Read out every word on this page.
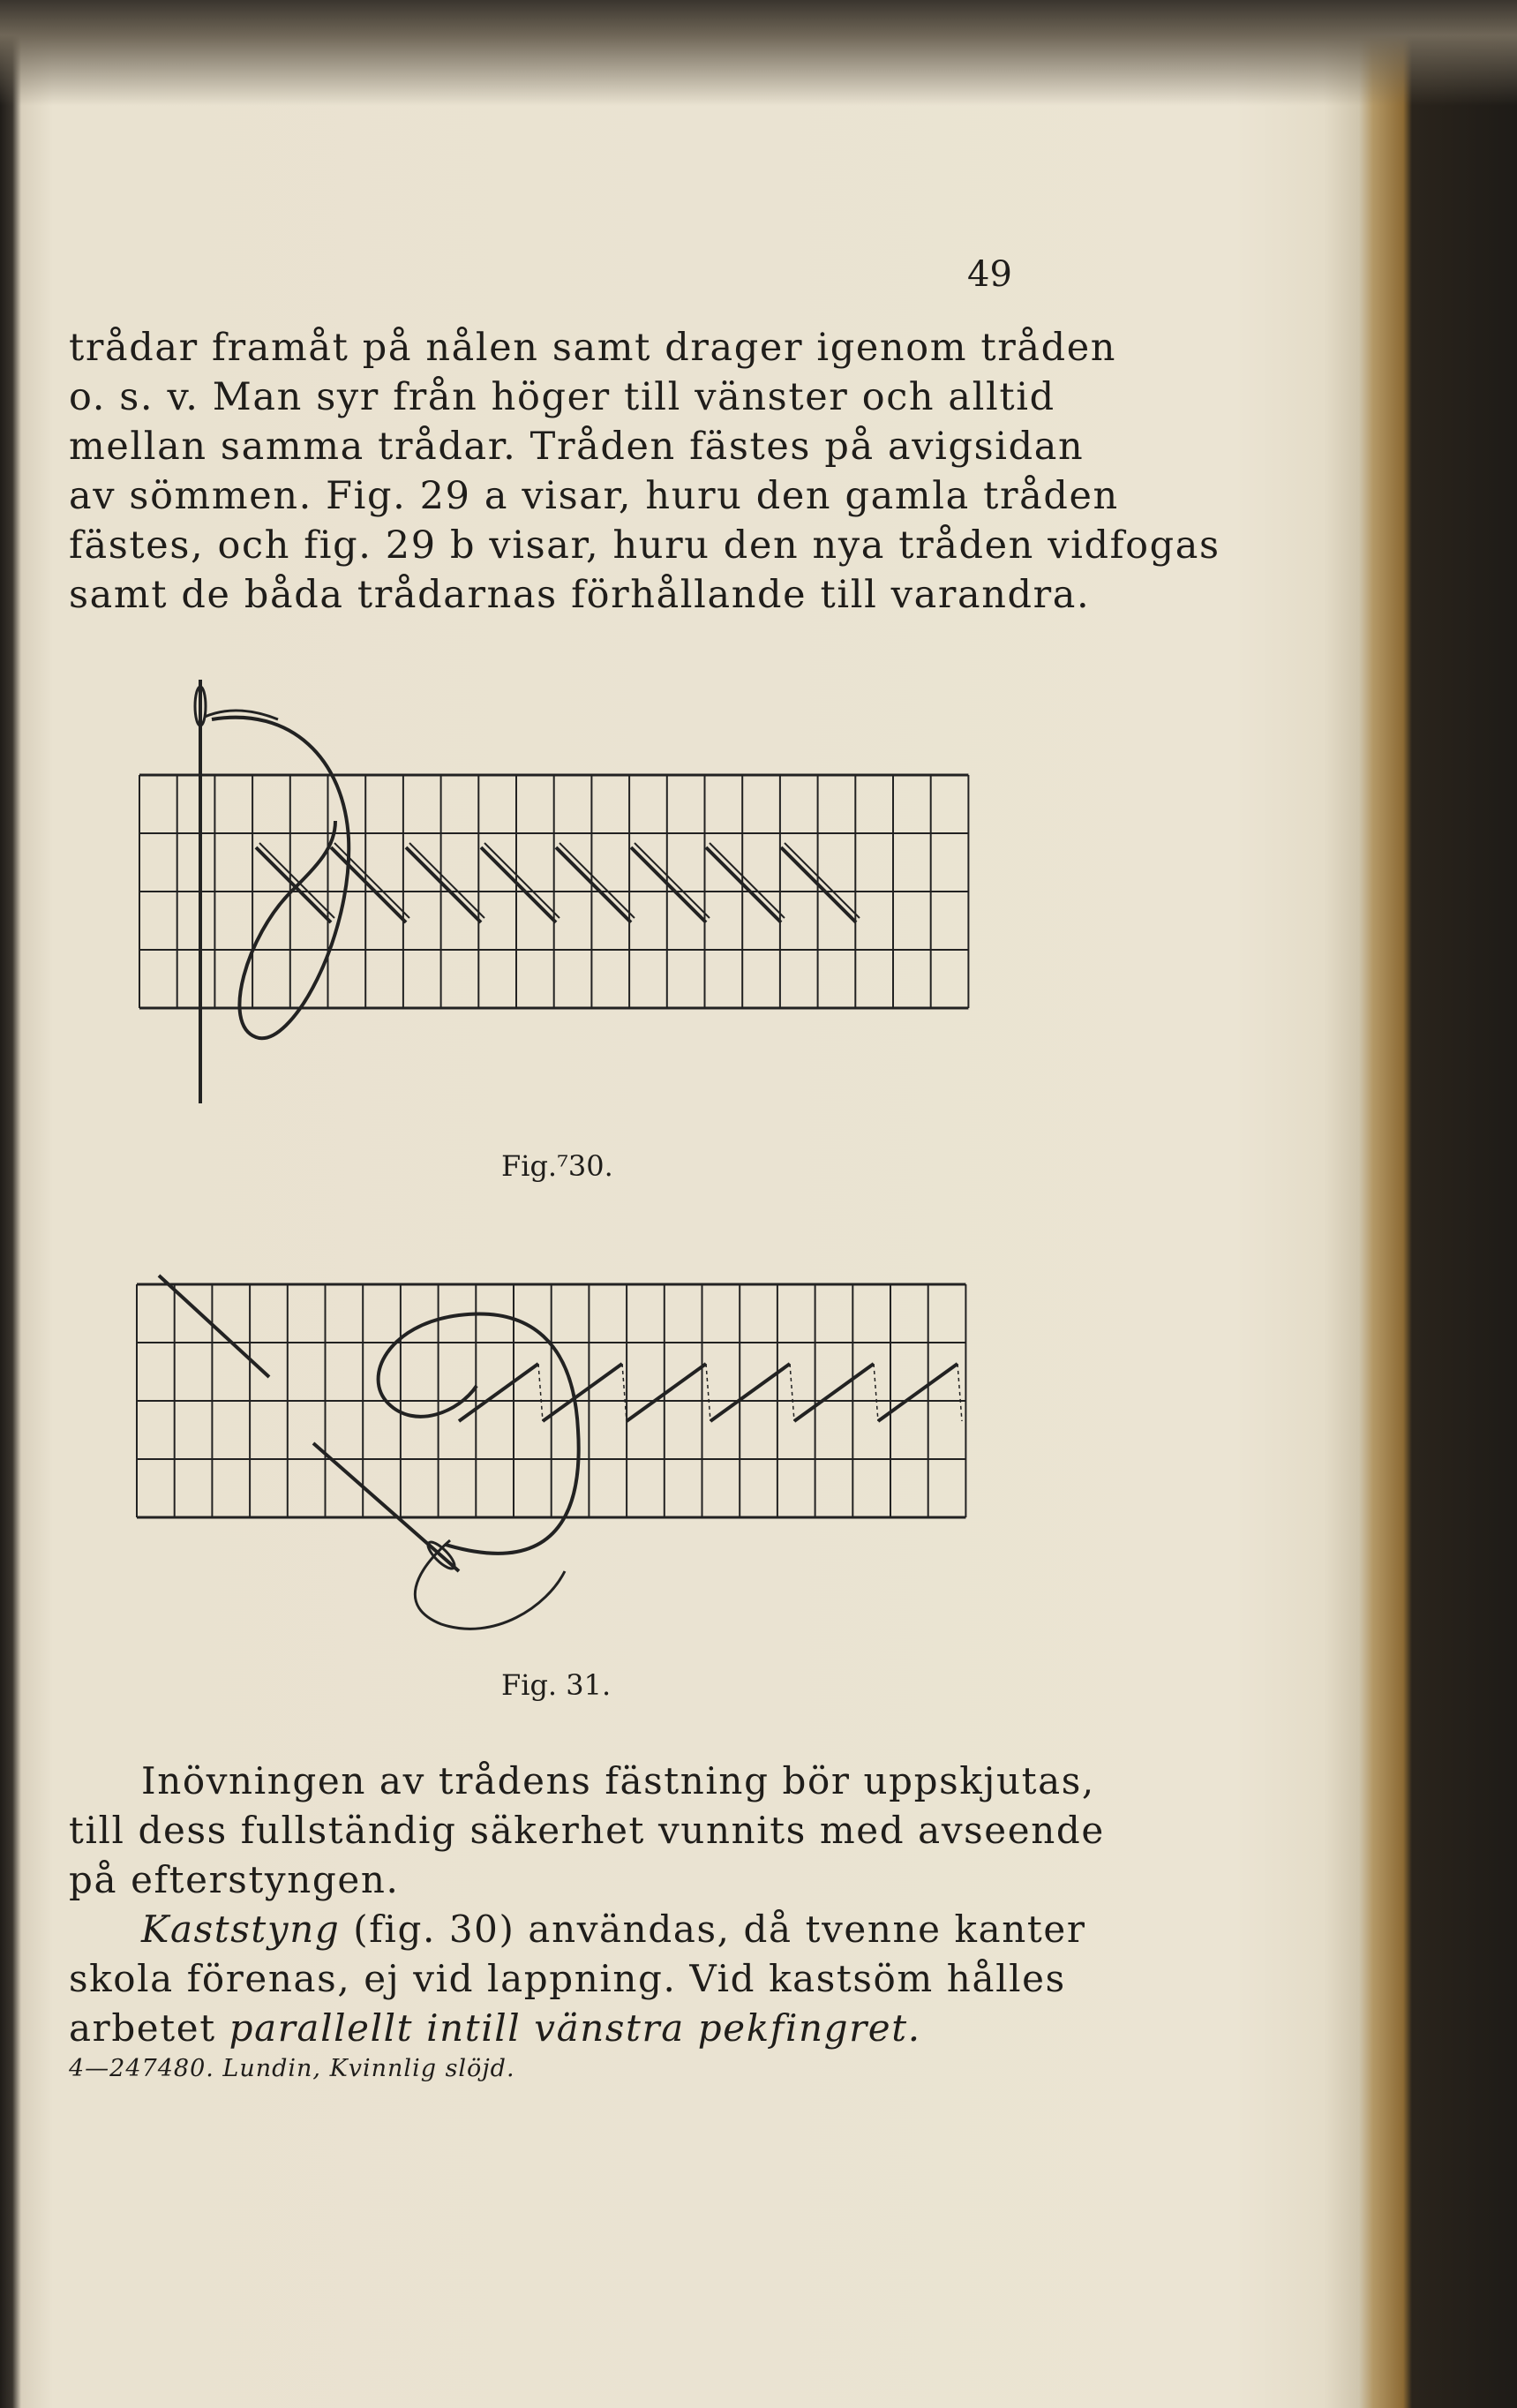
49
trådar framåt på nålen samt drager igenom tråden
o. s. v. Man syr från höger till vänster och alltid
mellan samma trådar. Tråden fästes på avigsidan
av sömmen. Fig. 29 a visar, huru den gamla tråden
fästes, och fig. 29 b visar, huru den nya tråden vidfogas
samt de båda trådarnas förhållande till varandra.
Fig.⁷30.
Fig. 31.
Inövningen av trådens fästning bör uppskjutas,
till dess fullständig säkerhet vunnits med avseende
på efterstyngen.
Kaststyng (fig. 30) användas, då tvenne kanter
skola förenas, ej vid lappning. Vid kastsöm hålles
arbetet parallellt intill vänstra pekfingret.
4—247480. Lundin, Kvinnlig slöjd.
